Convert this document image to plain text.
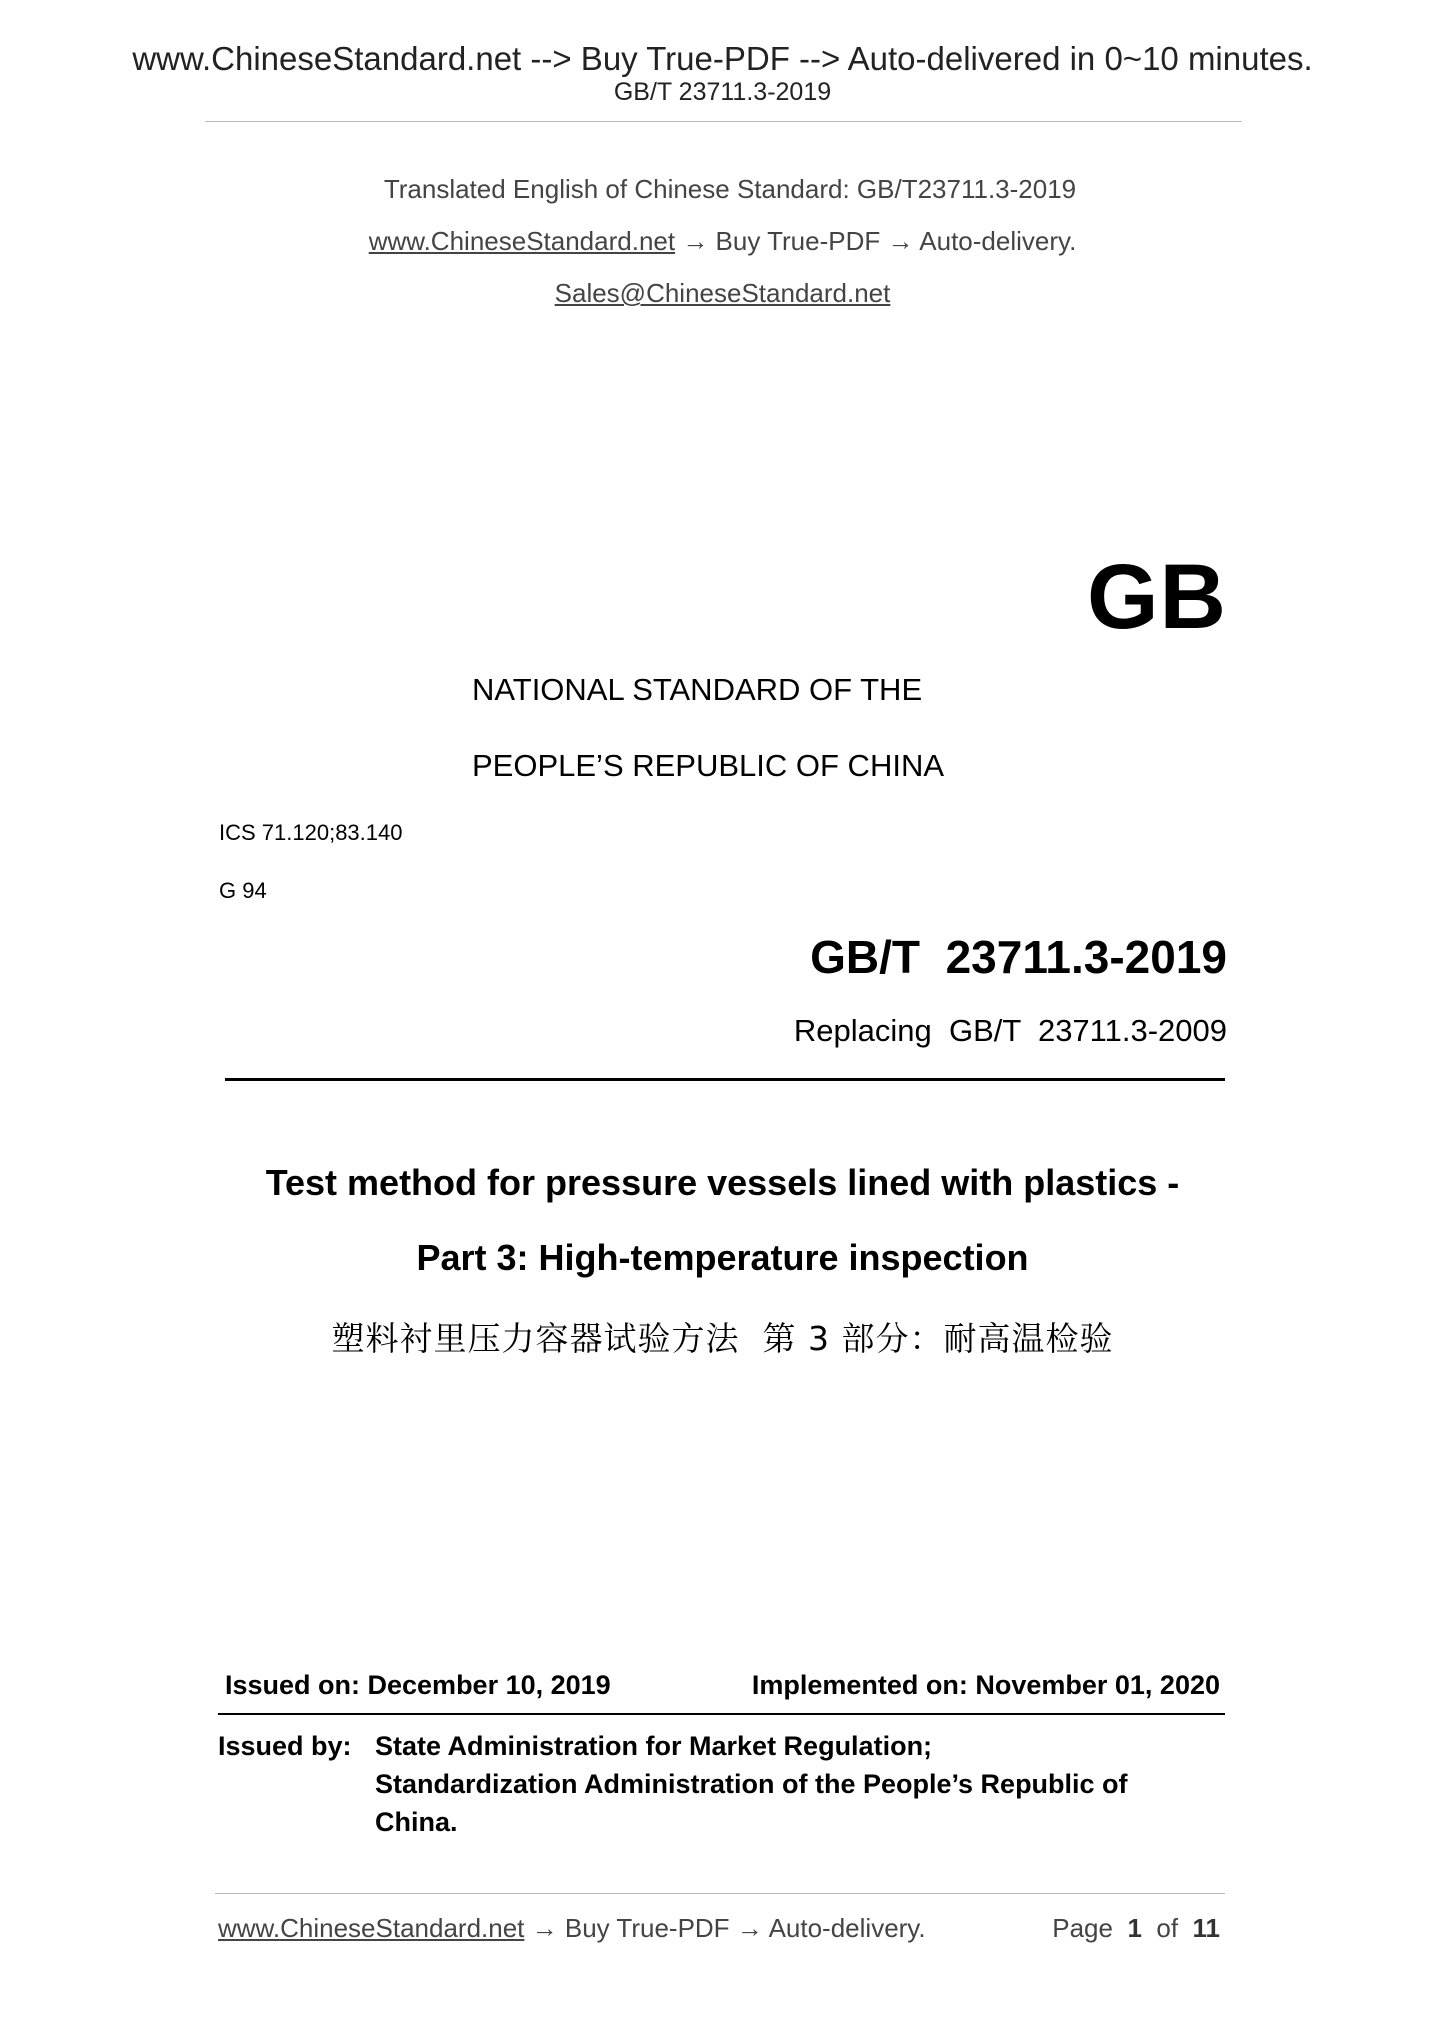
www.ChineseStandard.net --> Buy True-PDF --> Auto-delivered in 0~10 minutes.
GB/T 23711.3-2019
Translated English of Chinese Standard: GB/T23711.3-2019
www.ChineseStandard.net → Buy True-PDF → Auto-delivery.
Sales@ChineseStandard.net
GB
NATIONAL STANDARD OF THE
PEOPLE’S REPUBLIC OF CHINA
ICS 71.120;83.140
G 94
GB/T  23711.3-2019
Replacing  GB/T  23711.3-2009
Test method for pressure vessels lined with plastics -
Part 3: High-temperature inspection
塑料衬里压力容器试验方法  第 3 部分：耐高温检验
Issued on: December 10, 2019	Implemented on: November 01, 2020
Issued by: State Administration for Market Regulation;
Standardization Administration of the People’s Republic of
China.
www.ChineseStandard.net → Buy True-PDF → Auto-delivery.	Page 1 of 11
